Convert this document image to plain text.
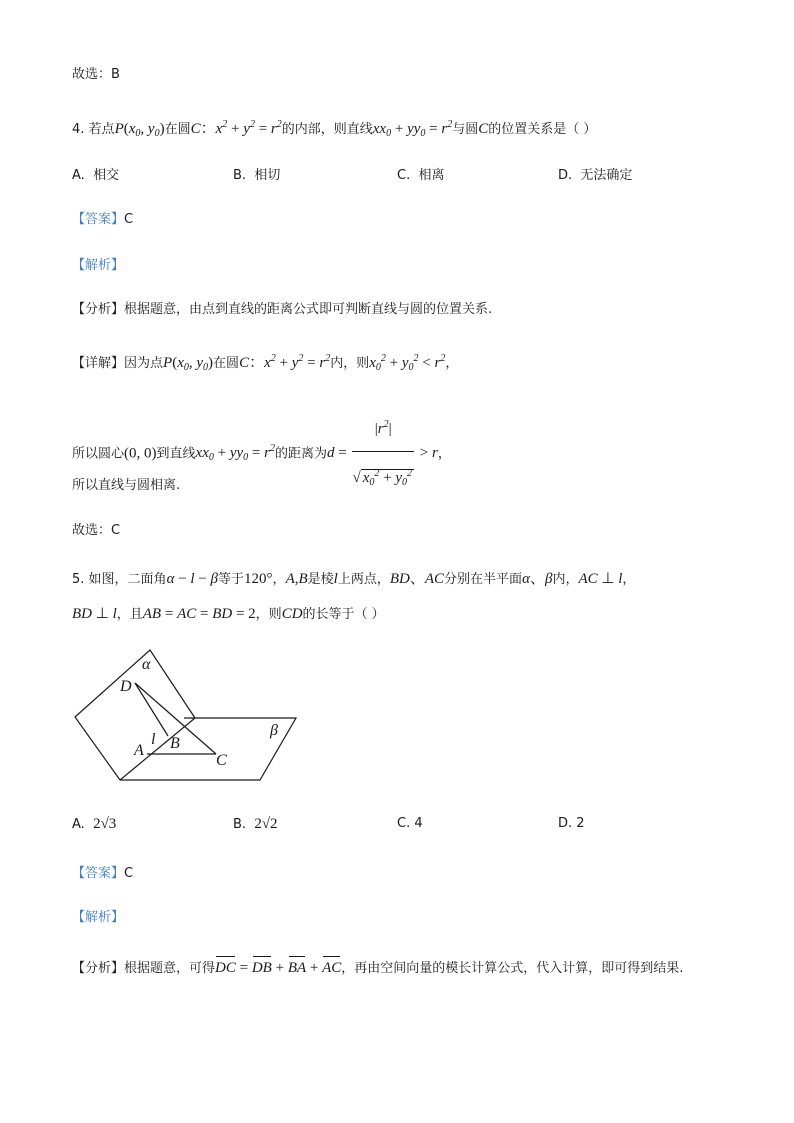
故选：B
4. 若点$P(x_0$, $y_0$)在圆C：$x^2 + y^2 = r^2$的内部，则直线$xx_0 + yy_0 = r^2$与圆C的位置关系是（ ）
A. 相交	B. 相切	C. 相离	D. 无法确定
【答案】C
【解析】
【分析】根据题意，由点到直线的距离公式即可判断直线与圆的位置关系.
【详解】因为点$P(x_0$, $y_0$)在圆C：$x^2 + y^2 = r^2$内，则$x_0^2 + y_0^2 < r^2$，
所以圆心(0, 0)到直线$xx_0 + yy_0 = r^2$的距离为$d = \frac{|r^2|}{√ x_0^2 + y_0^2} > r$，
所以直线与圆相离.
故选：C
5. 如图，二面角α − l − β等于120°，A,B是棱l上两点，BD、AC分别在半平面α、β内，AC ⊥ l，
BD ⊥ l，且AB = AC = BD = 2，则CD的长等于（ ）
α
β
D
A
l B
C
A. 2√3	B. 2√2	C. 4	D. 2
【答案】C
【解析】
【分析】根据题意，可得DC = DB + BA + AC，再由空间向量的模长计算公式，代入计算，即可得到结果.
